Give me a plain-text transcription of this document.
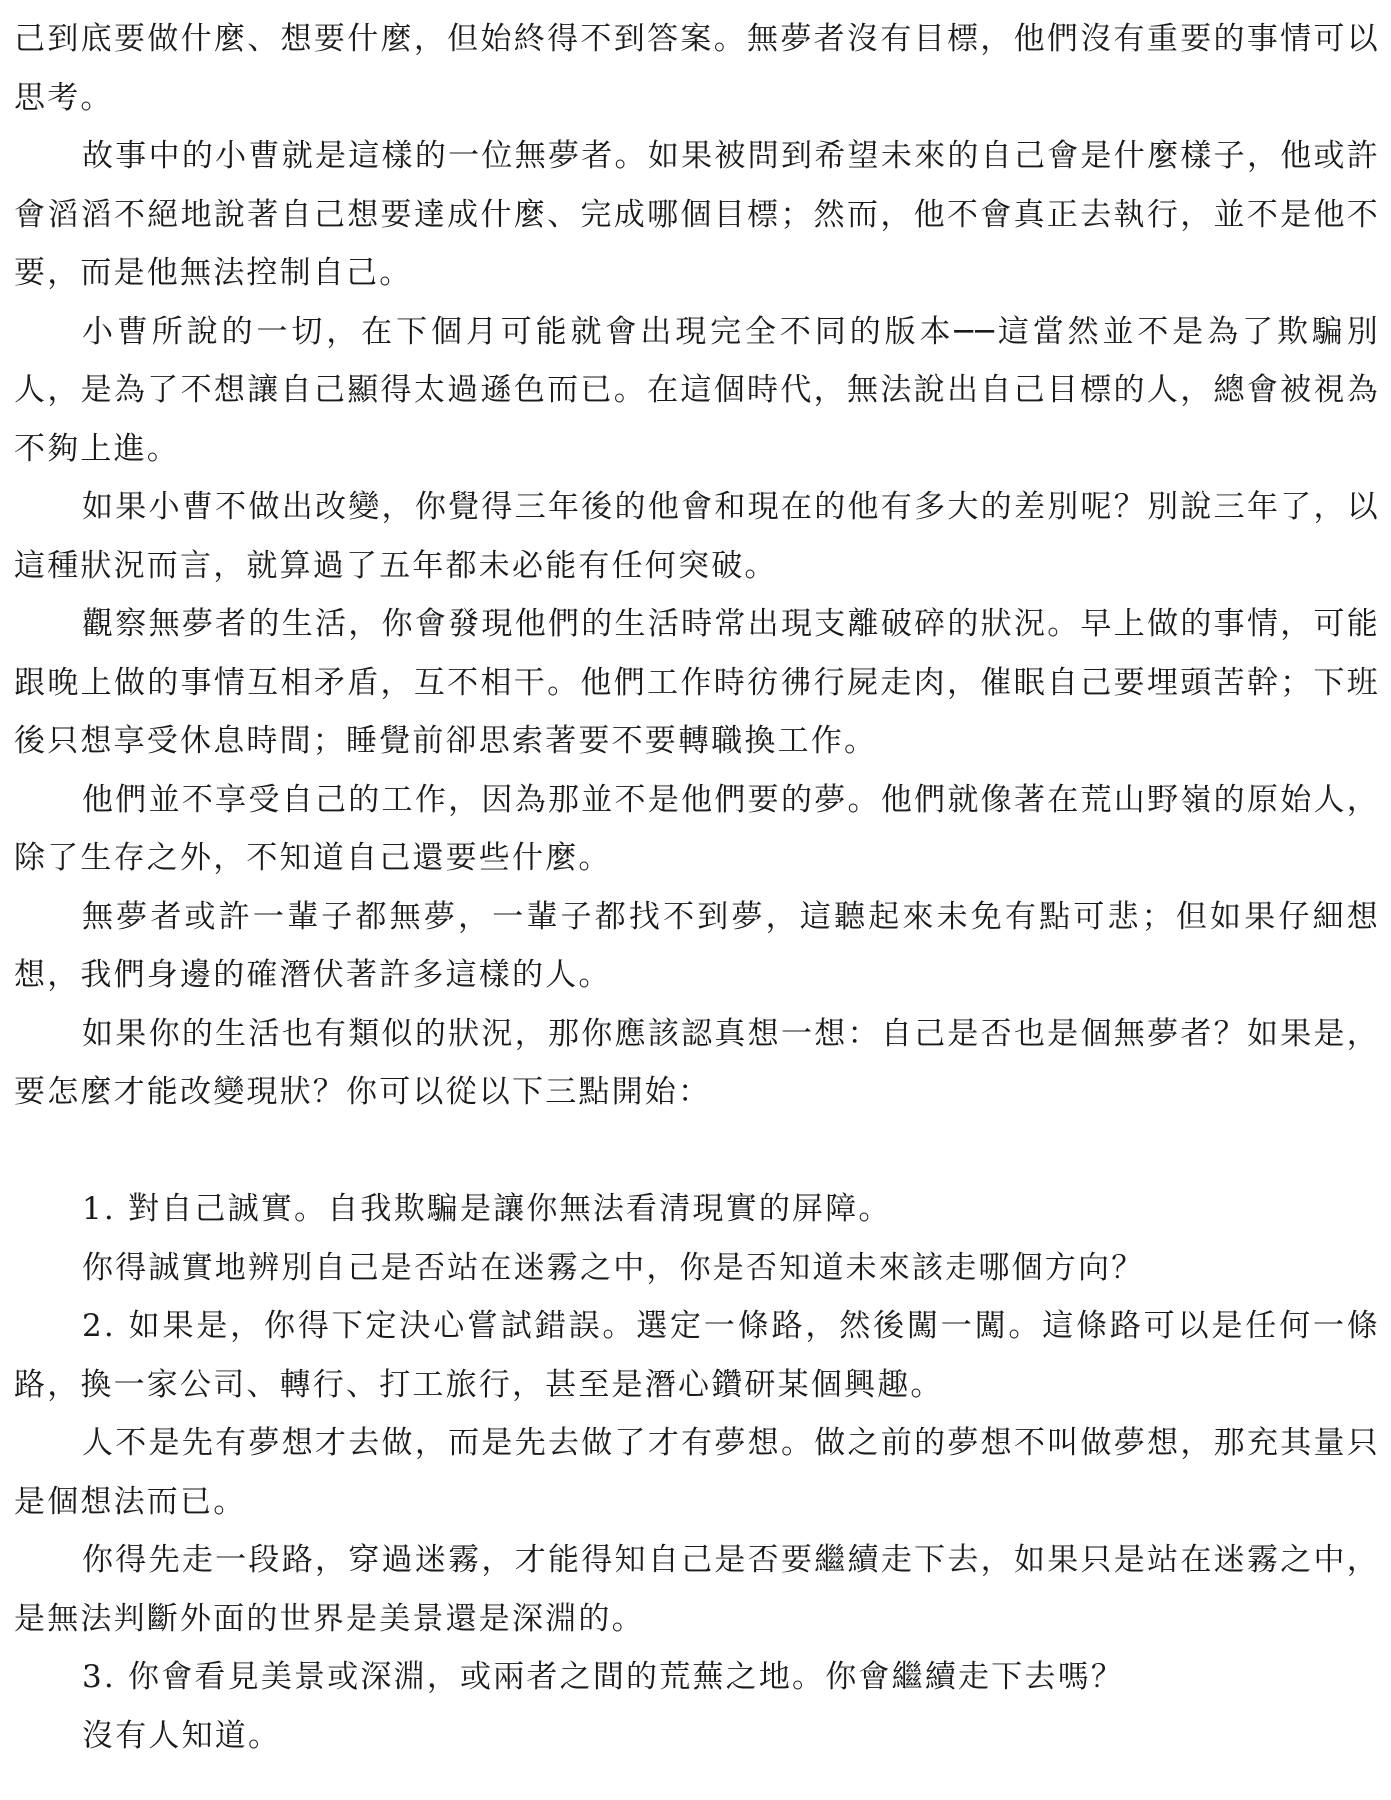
己到底要做什麼、想要什麼，但始終得不到答案。無夢者沒有目標，他們沒有重要的事情可以思考。

故事中的小曹就是這樣的一位無夢者。如果被問到希望未來的自己會是什麼樣子，他或許會滔滔不絕地說著自己想要達成什麼、完成哪個目標；然而，他不會真正去執行，並不是他不要，而是他無法控制自己。

小曹所說的一切，在下個月可能就會出現完全不同的版本──這當然並不是為了欺騙別人，是為了不想讓自己顯得太過遜色而已。在這個時代，無法說出自己目標的人，總會被視為不夠上進。

如果小曹不做出改變，你覺得三年後的他會和現在的他有多大的差別呢？別說三年了，以這種狀況而言，就算過了五年都未必能有任何突破。

觀察無夢者的生活，你會發現他們的生活時常出現支離破碎的狀況。早上做的事情，可能跟晚上做的事情互相矛盾，互不相干。他們工作時彷彿行屍走肉，催眠自己要埋頭苦幹；下班後只想享受休息時間；睡覺前卻思索著要不要轉職換工作。

他們並不享受自己的工作，因為那並不是他們要的夢。他們就像著在荒山野嶺的原始人，除了生存之外，不知道自己還要些什麼。

無夢者或許一輩子都無夢，一輩子都找不到夢，這聽起來未免有點可悲；但如果仔細想想，我們身邊的確潛伏著許多這樣的人。

如果你的生活也有類似的狀況，那你應該認真想一想：自己是否也是個無夢者？如果是，要怎麼才能改變現狀？你可以從以下三點開始：

1. 對自己誠實。自我欺騙是讓你無法看清現實的屏障。

你得誠實地辨別自己是否站在迷霧之中，你是否知道未來該走哪個方向？

2. 如果是，你得下定決心嘗試錯誤。選定一條路，然後闖一闖。這條路可以是任何一條路，換一家公司、轉行、打工旅行，甚至是潛心鑽研某個興趣。

人不是先有夢想才去做，而是先去做了才有夢想。做之前的夢想不叫做夢想，那充其量只是個想法而已。

你得先走一段路，穿過迷霧，才能得知自己是否要繼續走下去，如果只是站在迷霧之中，是無法判斷外面的世界是美景還是深淵的。

3. 你會看見美景或深淵，或兩者之間的荒蕪之地。你會繼續走下去嗎？

沒有人知道。
